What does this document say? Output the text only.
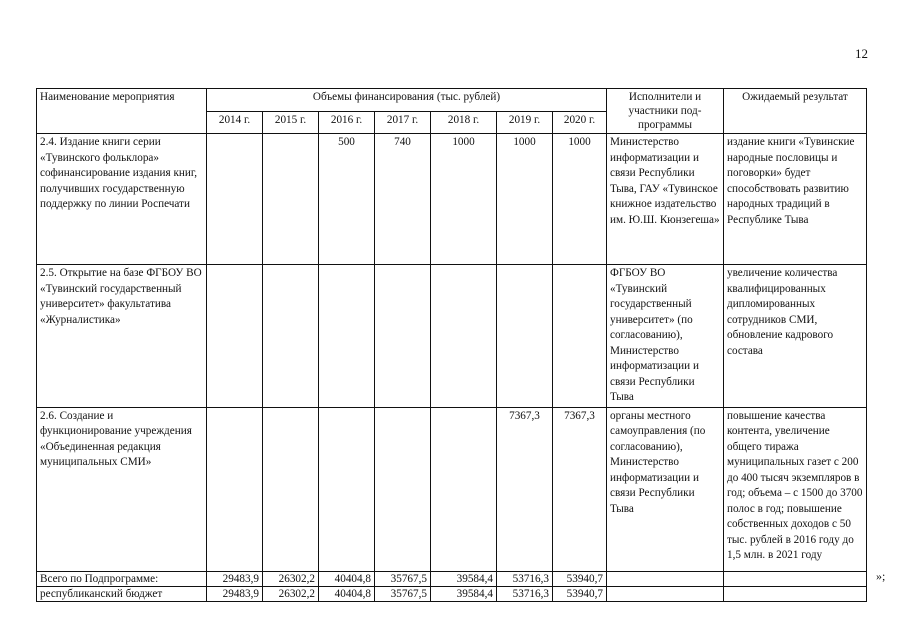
12
Наименование мероприятия	Объемы финансирования (тыс. рублей)							Исполнители и участники под-программы	Ожидаемый результат
	2014 г.	2015 г.	2016 г.	2017 г.	2018 г.	2019 г.	2020 г.		
2.4. Издание книги серии «Тувинского фольклора» софинансирование издания книг, получивших государственную поддержку по линии Роспечати			500	740	1000	1000	1000	Министерство информатизации и связи Республики Тыва, ГАУ «Тувинское книжное издательство им. Ю.Ш. Кюнзегеша»	издание книги «Тувинские народные пословицы и поговорки» будет способствовать развитию народных традиций в Республике Тыва
2.5. Открытие на базе ФГБОУ ВО «Тувинский государственный университет» факультатива «Журналистика»								ФГБОУ ВО «Тувинский государственный университет» (по согласованию), Министерство информатизации и связи Республики Тыва	увеличение количества квалифицированных дипломированных сотрудников СМИ, обновление кадрового состава
2.6. Создание и функционирование учреждения «Объединенная редакция муниципальных СМИ»						7367,3	7367,3	органы местного самоуправления (по согласованию), Министерство информатизации и связи Республики Тыва	повышение качества контента, увеличение общего тиража муниципальных газет с 200 до 400 тысяч экземпляров в год; объема – с 1500 до 3700 полос в год; повышение собственных доходов с 50 тыс. рублей в 2016 году до 1,5 млн. в 2021 году
Всего по Подпрограмме:	29483,9	26302,2	40404,8	35767,5	39584,4	53716,3	53940,7		
республиканский бюджет	29483,9	26302,2	40404,8	35767,5	39584,4	53716,3	53940,7		
»;
